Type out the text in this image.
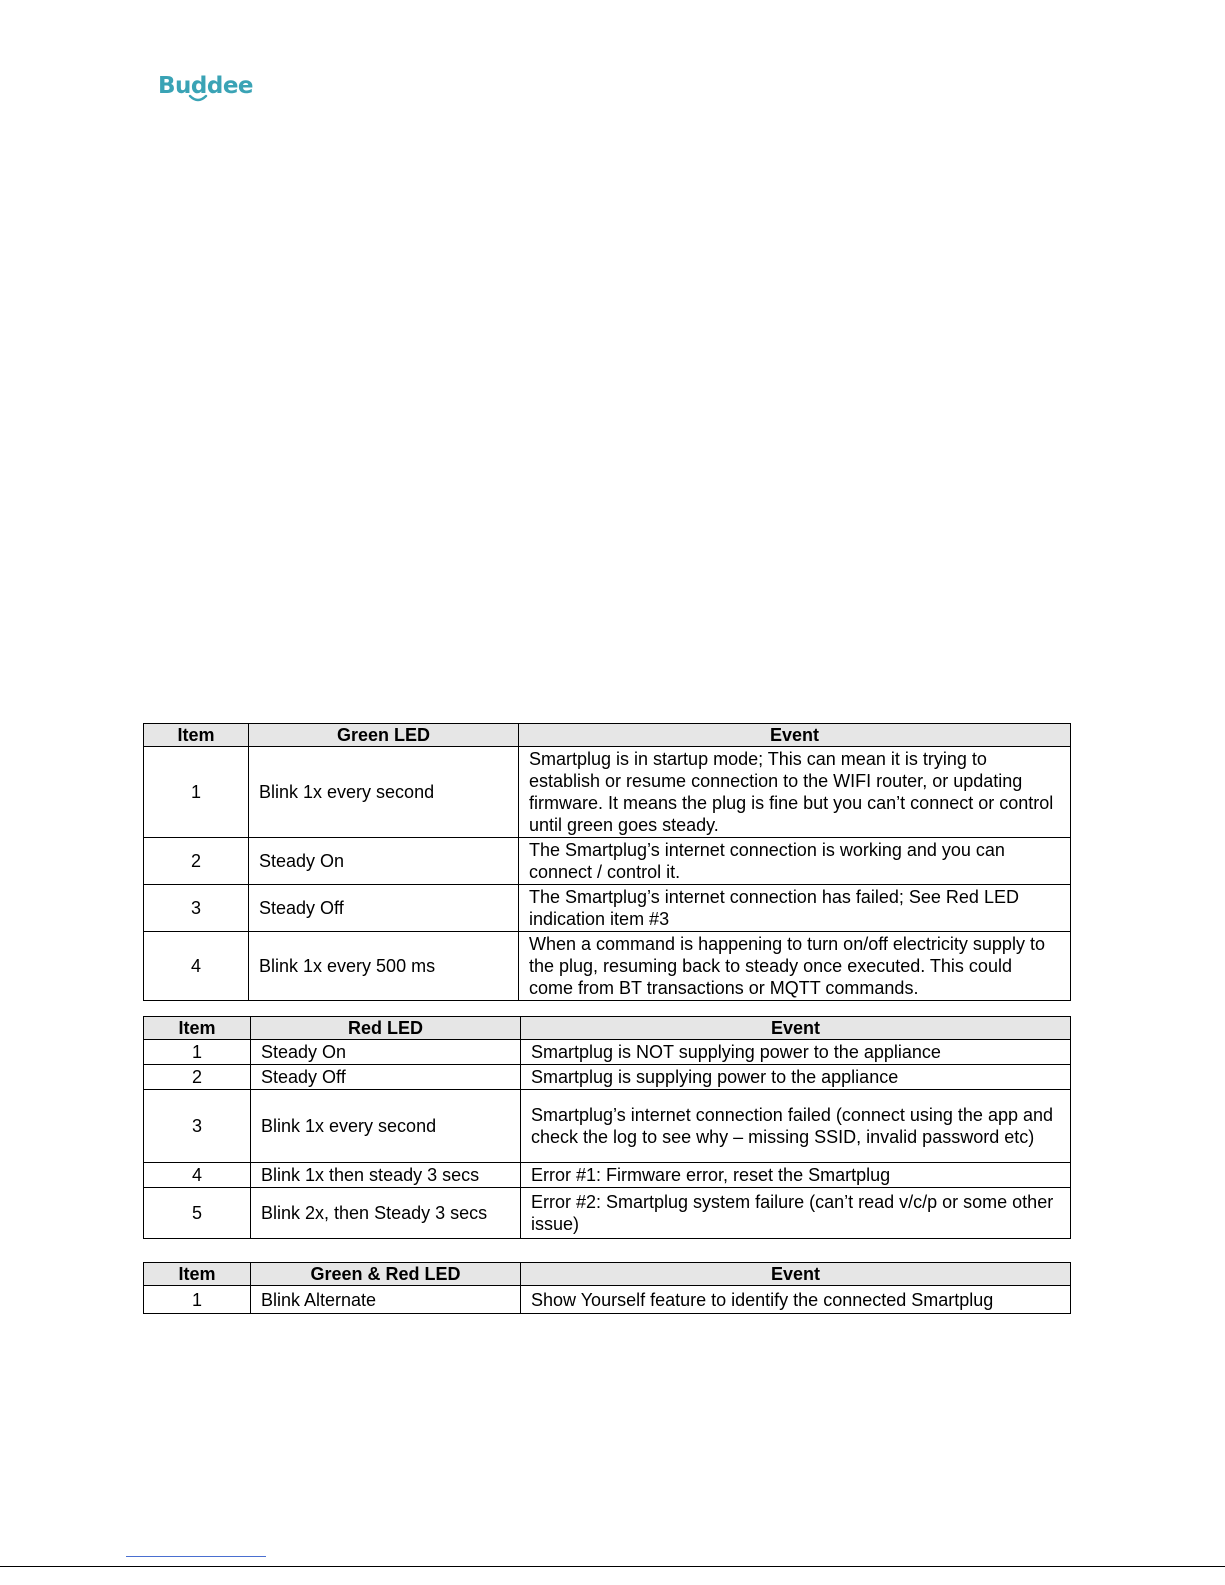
Buddee
Item	Green LED	Event
1	Blink 1x every second	Smartplug is in startup mode; This can mean it is trying to establish or resume connection to the WIFI router, or updating firmware. It means the plug is fine but you can’t connect or control until green goes steady.
2	Steady On	The Smartplug’s internet connection is working and you can connect / control it.
3	Steady Off	The Smartplug’s internet connection has failed; See Red LED indication item #3
4	Blink 1x every 500 ms	When a command is happening to turn on/off electricity supply to the plug, resuming back to steady once executed. This could come from BT transactions or MQTT commands.
Item	Red LED	Event
1	Steady On	Smartplug is NOT supplying power to the appliance
2	Steady Off	Smartplug is supplying power to the appliance
3	Blink 1x every second	Smartplug’s internet connection failed (connect using the app and check the log to see why – missing SSID, invalid password etc)
4	Blink 1x then steady 3 secs	Error #1: Firmware error, reset the Smartplug
5	Blink 2x, then Steady 3 secs	Error #2: Smartplug system failure (can’t read v/c/p or some other issue)
Item	Green & Red LED	Event
1	Blink Alternate	Show Yourself feature to identify the connected Smartplug
